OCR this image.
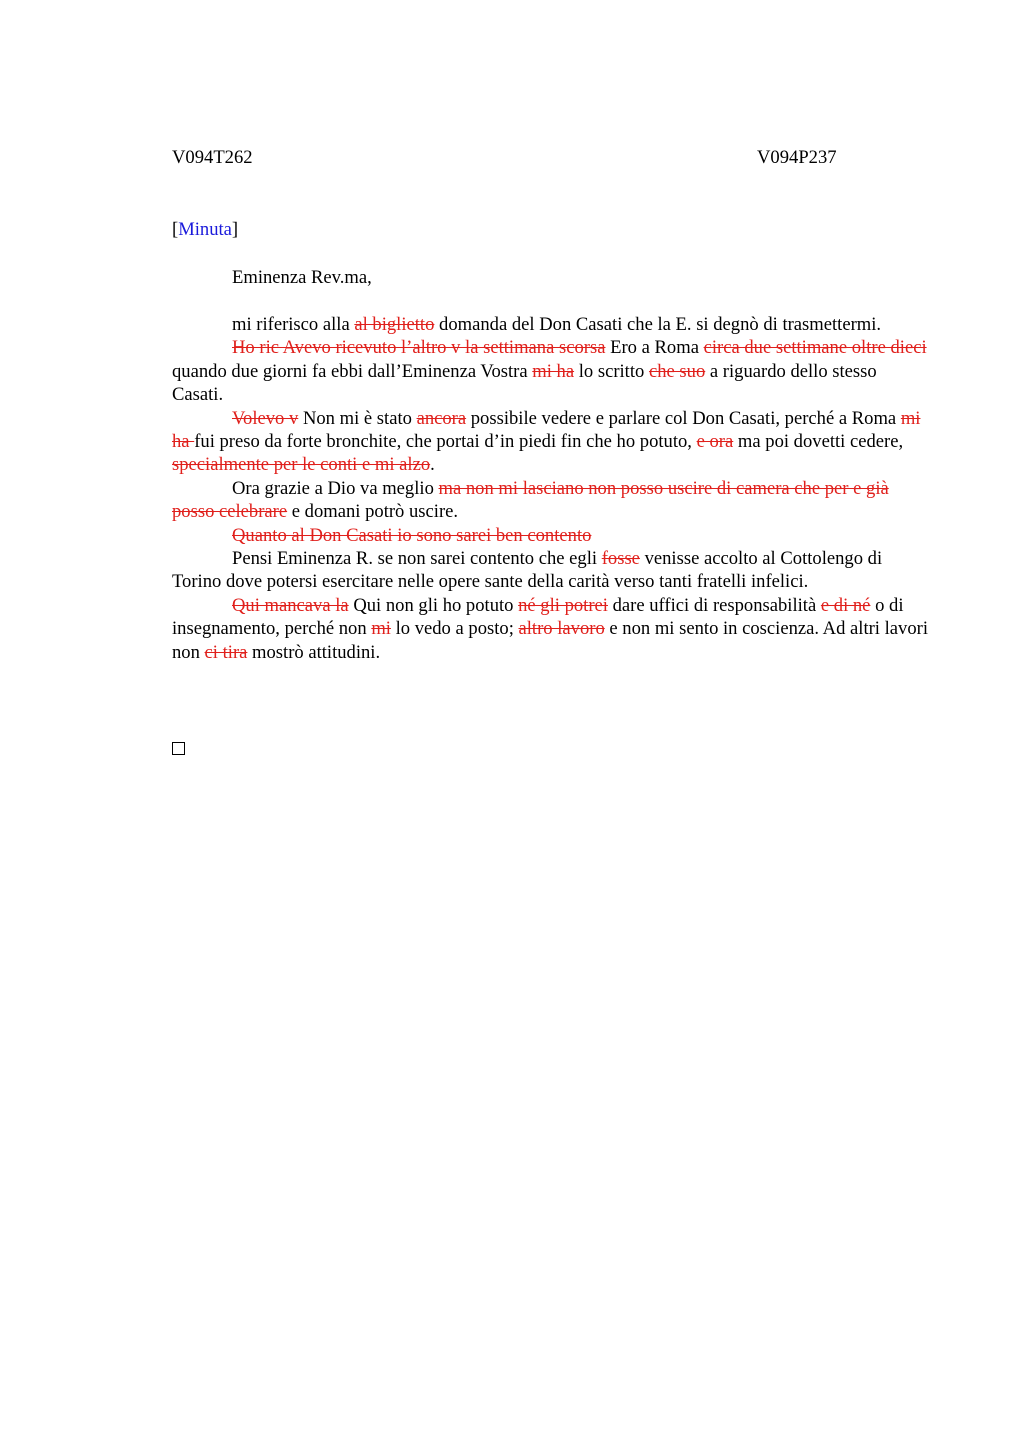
V094T262	V094P237
[Minuta]
Eminenza Rev.ma,

mi riferisco alla al biglietto domanda del Don Casati che la E. si degnò di trasmettermi.

Ho ric Avevo ricevuto l’altro v la settimana scorsa Ero a Roma circa due settimane oltre dieci quando due giorni fa ebbi dall’Eminenza Vostra mi ha lo scritto che suo a riguardo dello stesso Casati.

Volevo v Non mi è stato ancora possibile vedere e parlare col Don Casati, perché a Roma mi ha fui preso da forte bronchite, che portai d’in piedi fin che ho potuto, e ora ma poi dovetti cedere, specialmente per le conti e mi alzo.

Ora grazie a Dio va meglio ma non mi lasciano non posso uscire di camera che per e già posso celebrare e domani potrò uscire.

Quanto al Don Casati io sono sarei ben contento

Pensi Eminenza R. se non sarei contento che egli fosse venisse accolto al Cottolengo di Torino dove potersi esercitare nelle opere sante della carità verso tanti fratelli infelici.

Qui mancava la Qui non gli ho potuto né gli potrei dare uffici di responsabilità e di né o di insegnamento, perché non mi lo vedo a posto; altro lavoro e non mi sento in coscienza. Ad altri lavori non ci tira mostrò attitudini.
